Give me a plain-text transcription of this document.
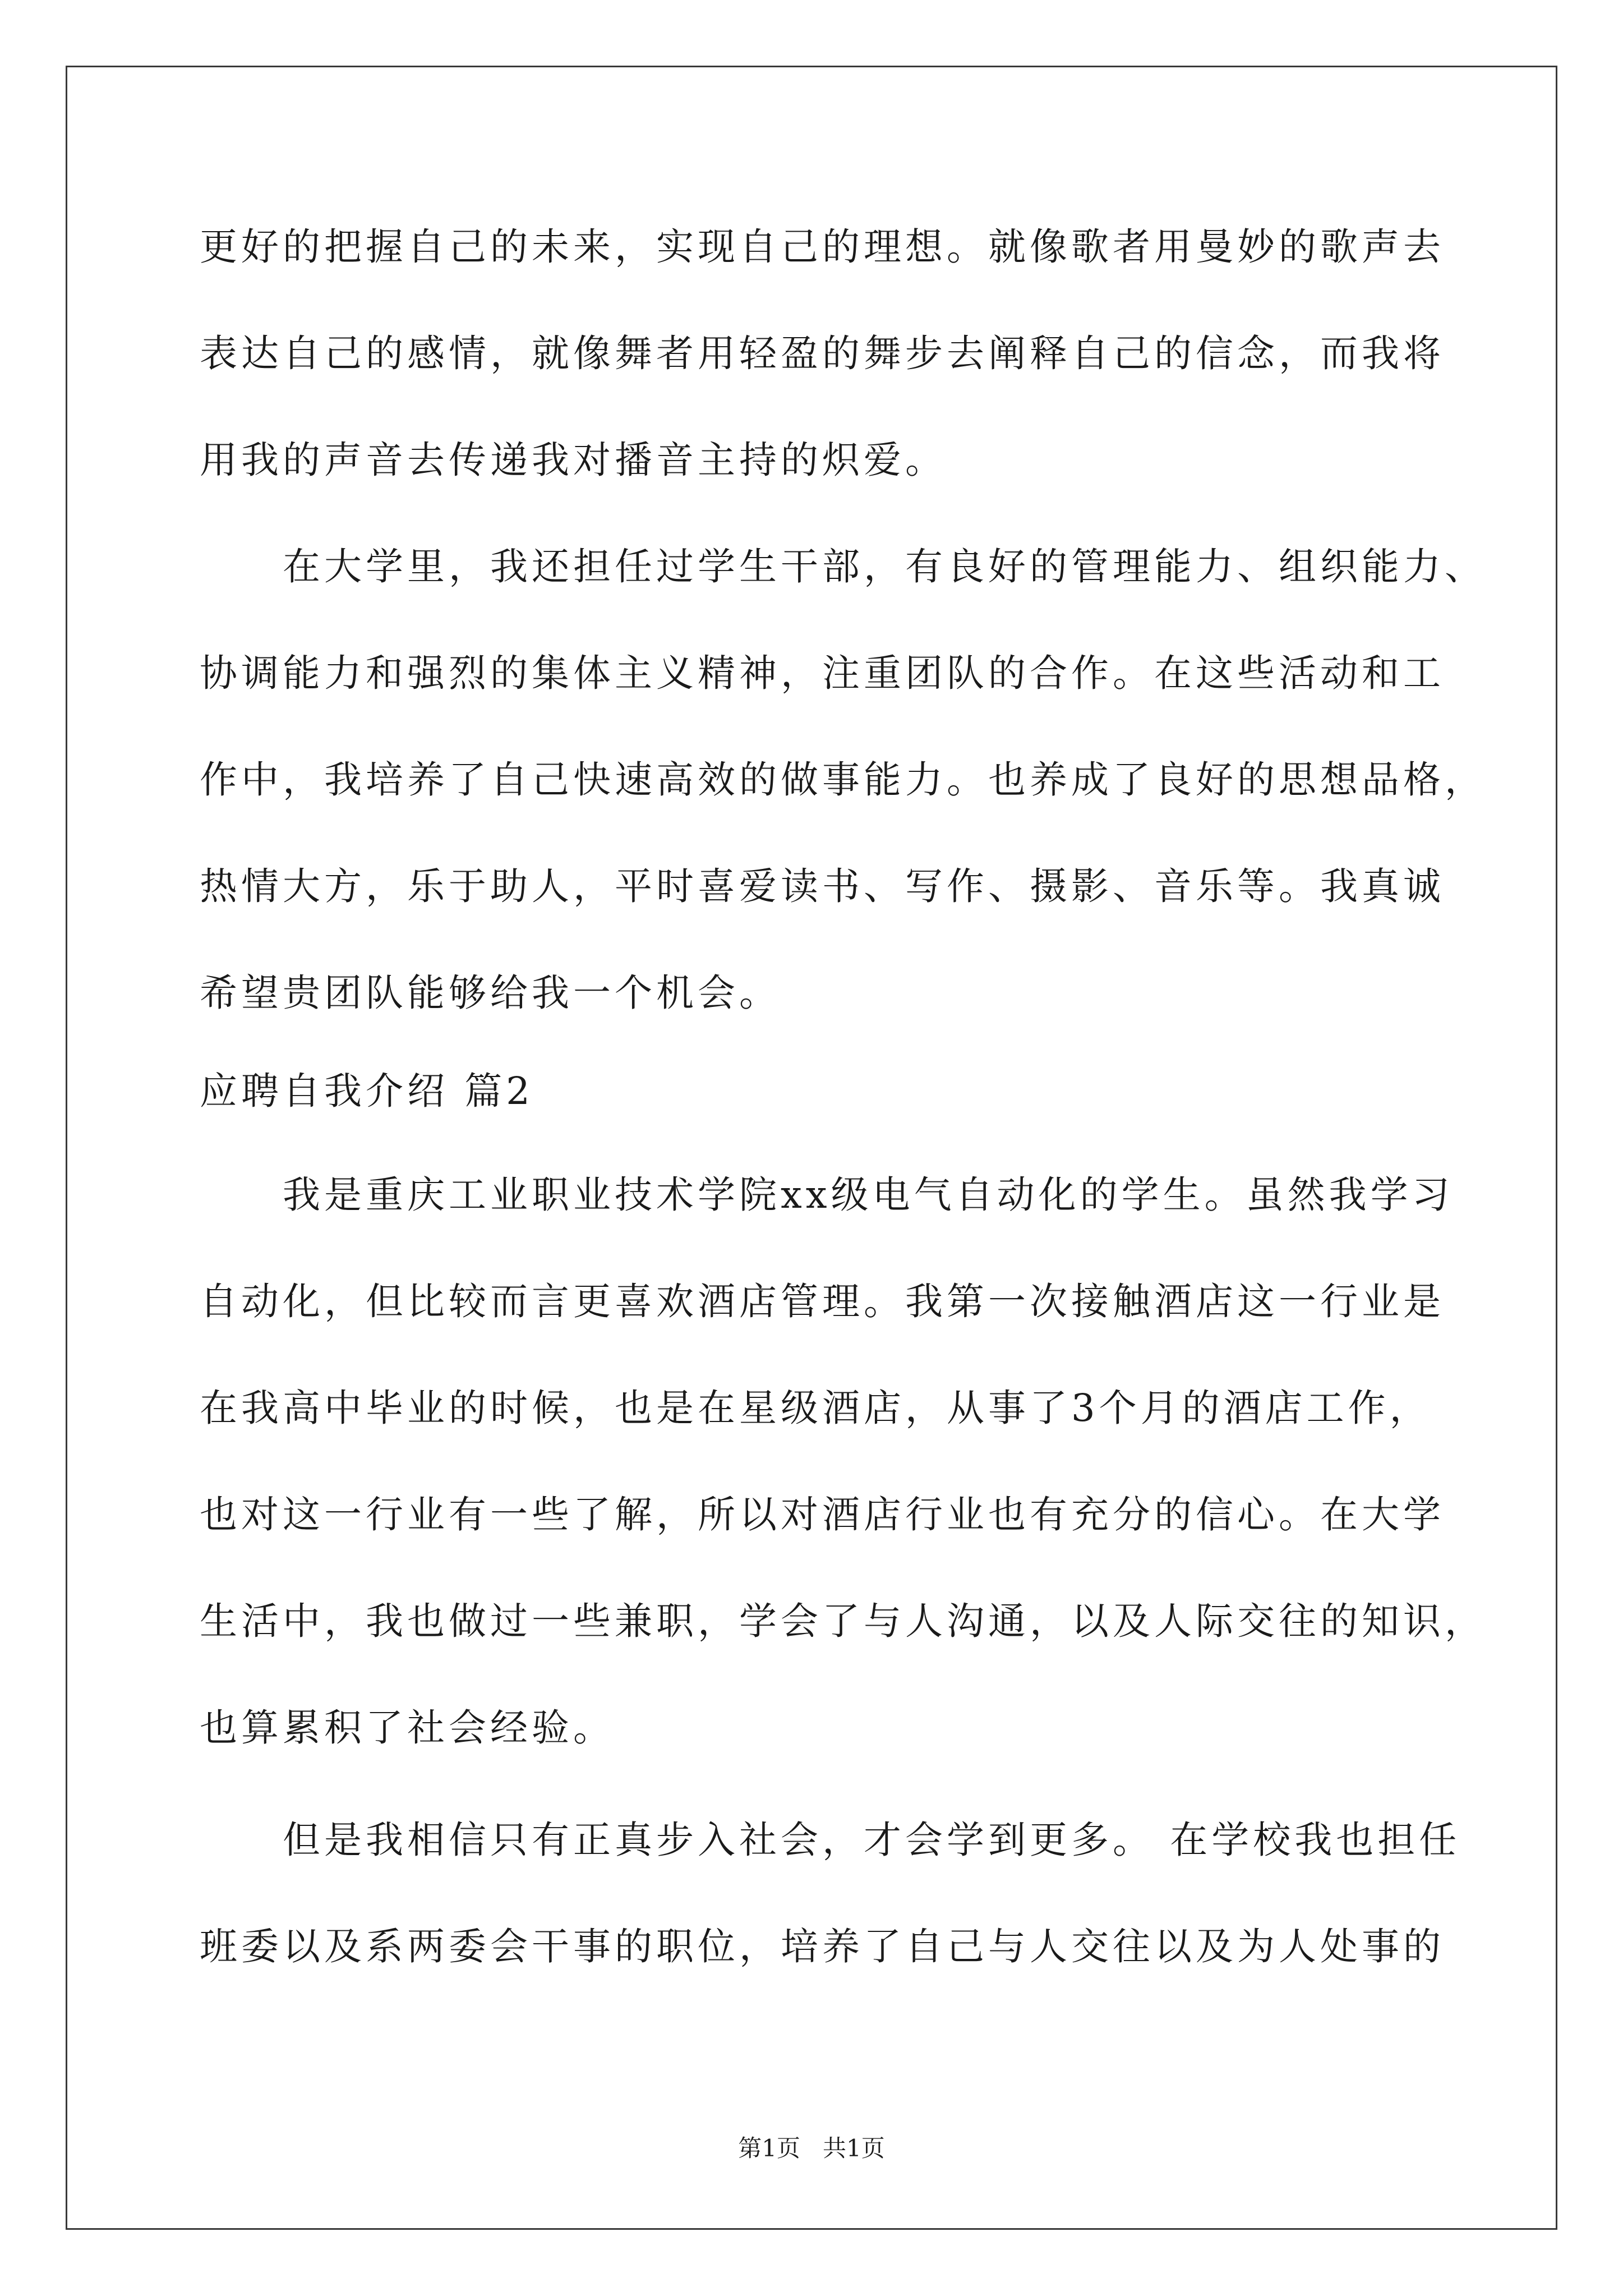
更好的把握自己的未来，实现自己的理想。就像歌者用曼妙的歌声去
表达自己的感情，就像舞者用轻盈的舞步去阐释自己的信念，而我将
用我的声音去传递我对播音主持的炽爱。
　　在大学里，我还担任过学生干部，有良好的管理能力、组织能力、
协调能力和强烈的集体主义精神，注重团队的合作。在这些活动和工
作中，我培养了自己快速高效的做事能力。也养成了良好的思想品格，
热情大方，乐于助人，平时喜爱读书、写作、摄影、音乐等。我真诚
希望贵团队能够给我一个机会。
应聘自我介绍 篇2
　　我是重庆工业职业技术学院xx级电气自动化的学生。虽然我学习
自动化，但比较而言更喜欢酒店管理。我第一次接触酒店这一行业是
在我高中毕业的时候，也是在星级酒店，从事了3个月的酒店工作，
也对这一行业有一些了解，所以对酒店行业也有充分的信心。在大学
生活中，我也做过一些兼职，学会了与人沟通，以及人际交往的知识，
也算累积了社会经验。
　　但是我相信只有正真步入社会，才会学到更多。 在学校我也担任
班委以及系两委会干事的职位，培养了自己与人交往以及为人处事的
第1页 共1页
